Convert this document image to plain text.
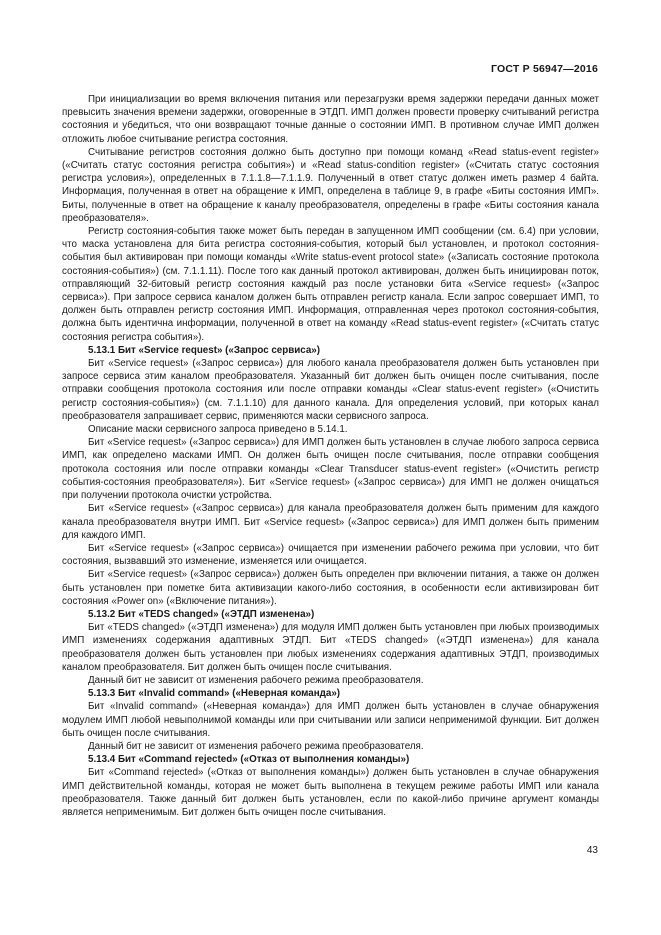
ГОСТ Р 56947—2016

При инициализации во время включения питания или перезагрузки время задержки передачи данных может превысить значения времени задержки, оговоренные в ЭТДП. ИМП должен провести проверку считываний регистра состояния и убедиться, что они возвращают точные данные о состоянии ИМП. В противном случае ИМП должен отложить любое считывание регистра состояния.

Считывание регистров состояния должно быть доступно при помощи команд «Read status-event register» («Считать статус состояния регистра события») и «Read status-condition register» («Считать статус состояния регистра условия»), определенных в 7.1.1.8—7.1.1.9. Полученный в ответ статус должен иметь размер 4 байта. Информация, полученная в ответ на обращение к ИМП, определена в таблице 9, в графе «Биты состояния ИМП». Биты, полученные в ответ на обращение к каналу преобразователя, определены в графе «Биты состояния канала преобразователя».

Регистр состояния-события также может быть передан в запущенном ИМП сообщении (см. 6.4) при условии, что маска установлена для бита регистра состояния-события, который был установлен, и протокол состояния-события был активирован при помощи команды «Write status-event protocol state» («Записать состояние протокола состояния-события») (см. 7.1.1.11). После того как данный протокол активирован, должен быть инициирован поток, отправляющий 32-битовый регистр состояния каждый раз после установки бита «Service request» («Запрос сервиса»). При запросе сервиса каналом должен быть отправлен регистр канала. Если запрос совершает ИМП, то должен быть отправлен регистр состояния ИМП. Информация, отправленная через протокол состояния-события, должна быть идентична информации, полученной в ответ на команду «Read status-event register» («Считать статус состояния регистра события»).

5.13.1 Бит «Service request» («Запрос сервиса»)

Бит «Service request» («Запрос сервиса») для любого канала преобразователя должен быть установлен при запросе сервиса этим каналом преобразователя. Указанный бит должен быть очищен после считывания, после отправки сообщения протокола состояния или после отправки команды «Clear status-event register» («Очистить регистр состояния-события») (см. 7.1.1.10) для данного канала. Для определения условий, при которых канал преобразователя запрашивает сервис, применяются маски сервисного запроса.

Описание маски сервисного запроса приведено в 5.14.1.

Бит «Service request» («Запрос сервиса») для ИМП должен быть установлен в случае любого запроса сервиса ИМП, как определено масками ИМП. Он должен быть очищен после считывания, после отправки сообщения протокола состояния или после отправки команды «Clear Transducer status-event register» («Очистить регистр события-состояния преобразователя»). Бит «Service request» («Запрос сервиса») для ИМП не должен очищаться при получении протокола очистки устройства.

Бит «Service request» («Запрос сервиса») для канала преобразователя должен быть применим для каждого канала преобразователя внутри ИМП. Бит «Service request» («Запрос сервиса») для ИМП должен быть применим для каждого ИМП.

Бит «Service request» («Запрос сервиса») очищается при изменении рабочего режима при условии, что бит состояния, вызвавший это изменение, изменяется или очищается.

Бит «Service request» («Запрос сервиса») должен быть определен при включении питания, а также он должен быть установлен при пометке бита активизации какого-либо состояния, в особенности если активизирован бит состояния «Power on» («Включение питания»).

5.13.2 Бит «TEDS changed» («ЭТДП изменена»)

Бит «TEDS changed» («ЭТДП изменена») для модуля ИМП должен быть установлен при любых производимых ИМП изменениях содержания адаптивных ЭТДП. Бит «TEDS changed» («ЭТДП изменена») для канала преобразователя должен быть установлен при любых изменениях содержания адаптивных ЭТДП, производимых каналом преобразователя. Бит должен быть очищен после считывания.

Данный бит не зависит от изменения рабочего режима преобразователя.

5.13.3 Бит «Invalid command» («Неверная команда»)

Бит «Invalid command» («Неверная команда») для ИМП должен быть установлен в случае обнаружения модулем ИМП любой невыполнимой команды или при считывании или записи неприменимой функции. Бит должен быть очищен после считывания.

Данный бит не зависит от изменения рабочего режима преобразователя.

5.13.4 Бит «Command rejected» («Отказ от выполнения команды»)

Бит «Command rejected» («Отказ от выполнения команды») должен быть установлен в случае обнаружения ИМП действительной команды, которая не может быть выполнена в текущем режиме работы ИМП или канала преобразователя. Также данный бит должен быть установлен, если по какой-либо причине аргумент команды является неприменимым. Бит должен быть очищен после считывания.

43
